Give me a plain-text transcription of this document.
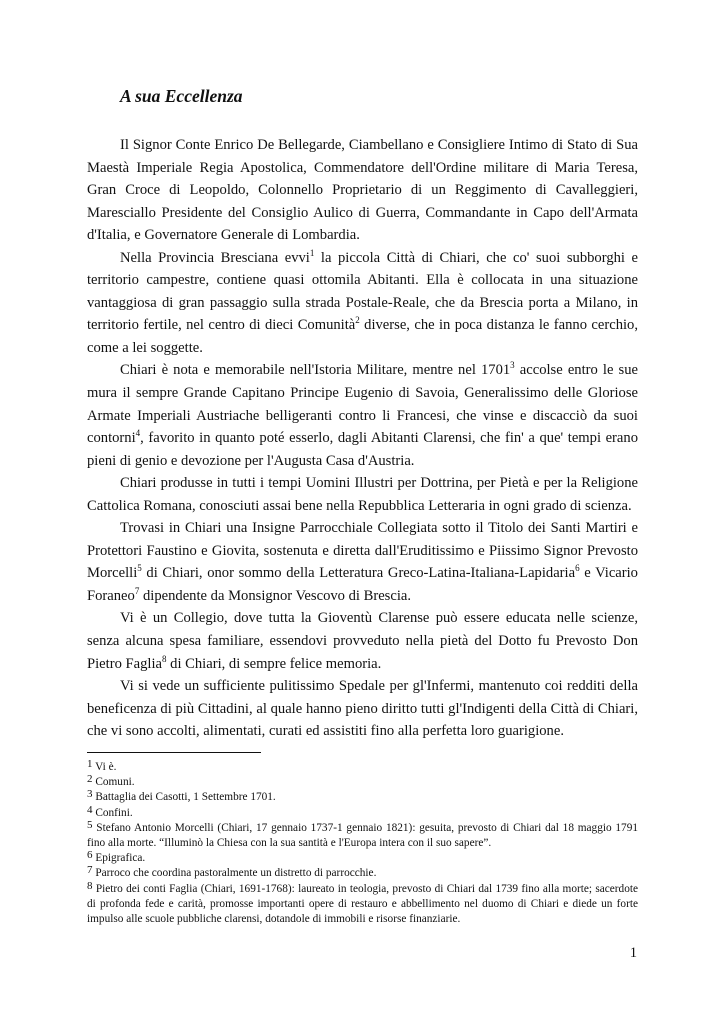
A sua Eccellenza

Il Signor Conte Enrico De Bellegarde, Ciambellano e Consigliere Intimo di Stato di Sua Maestà Imperiale Regia Apostolica, Commendatore dell'Ordine militare di Maria Teresa, Gran Croce di Leopoldo, Colonnello Proprietario di un Reggimento di Cavalleggieri, Maresciallo Presidente del Consiglio Aulico di Guerra, Commandante in Capo dell'Armata d'Italia, e Governatore Generale di Lombardia.

Nella Provincia Bresciana evvi$^1$ la piccola Città di Chiari, che co' suoi subborghi e territorio campestre, contiene quasi ottomila Abitanti. Ella è collocata in una situazione vantaggiosa di gran passaggio sulla strada Postale-Reale, che da Brescia porta a Milano, in territorio fertile, nel centro di dieci Comunità$^2$ diverse, che in poca distanza le fanno cerchio, come a lei soggette.

Chiari è nota e memorabile nell'Istoria Militare, mentre nel 1701$^3$ accolse entro le sue mura il sempre Grande Capitano Principe Eugenio di Savoia, Generalissimo delle Gloriose Armate Imperiali Austriache belligeranti contro li Francesi, che vinse e discacciò da suoi contorni$^4$, favorito in quanto poté esserlo, dagli Abitanti Clarensi, che fin' a que' tempi erano pieni di genio e devozione per l'Augusta Casa d'Austria.

Chiari produsse in tutti i tempi Uomini Illustri per Dottrina, per Pietà e per la Religione Cattolica Romana, conosciuti assai bene nella Repubblica Letteraria in ogni grado di scienza.

Trovasi in Chiari una Insigne Parrocchiale Collegiata sotto il Titolo dei Santi Martiri e Protettori Faustino e Giovita, sostenuta e diretta dall'Eruditissimo e Piissimo Signor Prevosto Morcelli$^5$ di Chiari, onor sommo della Letteratura Greco-Latina-Italiana-Lapidaria$^6$ e Vicario Foraneo$^7$ dipendente da Monsignor Vescovo di Brescia.

Vi è un Collegio, dove tutta la Gioventù Clarense può essere educata nelle scienze, senza alcuna spesa familiare, essendovi provveduto nella pietà del Dotto fu Prevosto Don Pietro Faglia$^8$ di Chiari, di sempre felice memoria.

Vi si vede un sufficiente pulitissimo Spedale per gl'Infermi, mantenuto coi redditi della beneficenza di più Cittadini, al quale hanno pieno diritto tutti gl'Indigenti della Città di Chiari, che vi sono accolti, alimentati, curati ed assistiti fino alla perfetta loro guarigione.

$^1$ Vi è.

$^2$ Comuni.

$^3$ Battaglia dei Casotti, 1 Settembre 1701.

$^4$ Confini.

$^5$ Stefano Antonio Morcelli (Chiari, 17 gennaio 1737-1 gennaio 1821): gesuita, prevosto di Chiari dal 18 maggio 1791 fino alla morte. “Illuminò la Chiesa con la sua santità e l'Europa intera con il suo sapere”.

$^6$ Epigrafica.

$^7$ Parroco che coordina pastoralmente un distretto di parrocchie.

$^8$ Pietro dei conti Faglia (Chiari, 1691-1768): laureato in teologia, prevosto di Chiari dal 1739 fino alla morte; sacerdote di profonda fede e carità, promosse importanti opere di restauro e abbellimento nel duomo di Chiari e diede un forte impulso alle scuole pubbliche clarensi, dotandole di immobili e risorse finanziarie.

1
